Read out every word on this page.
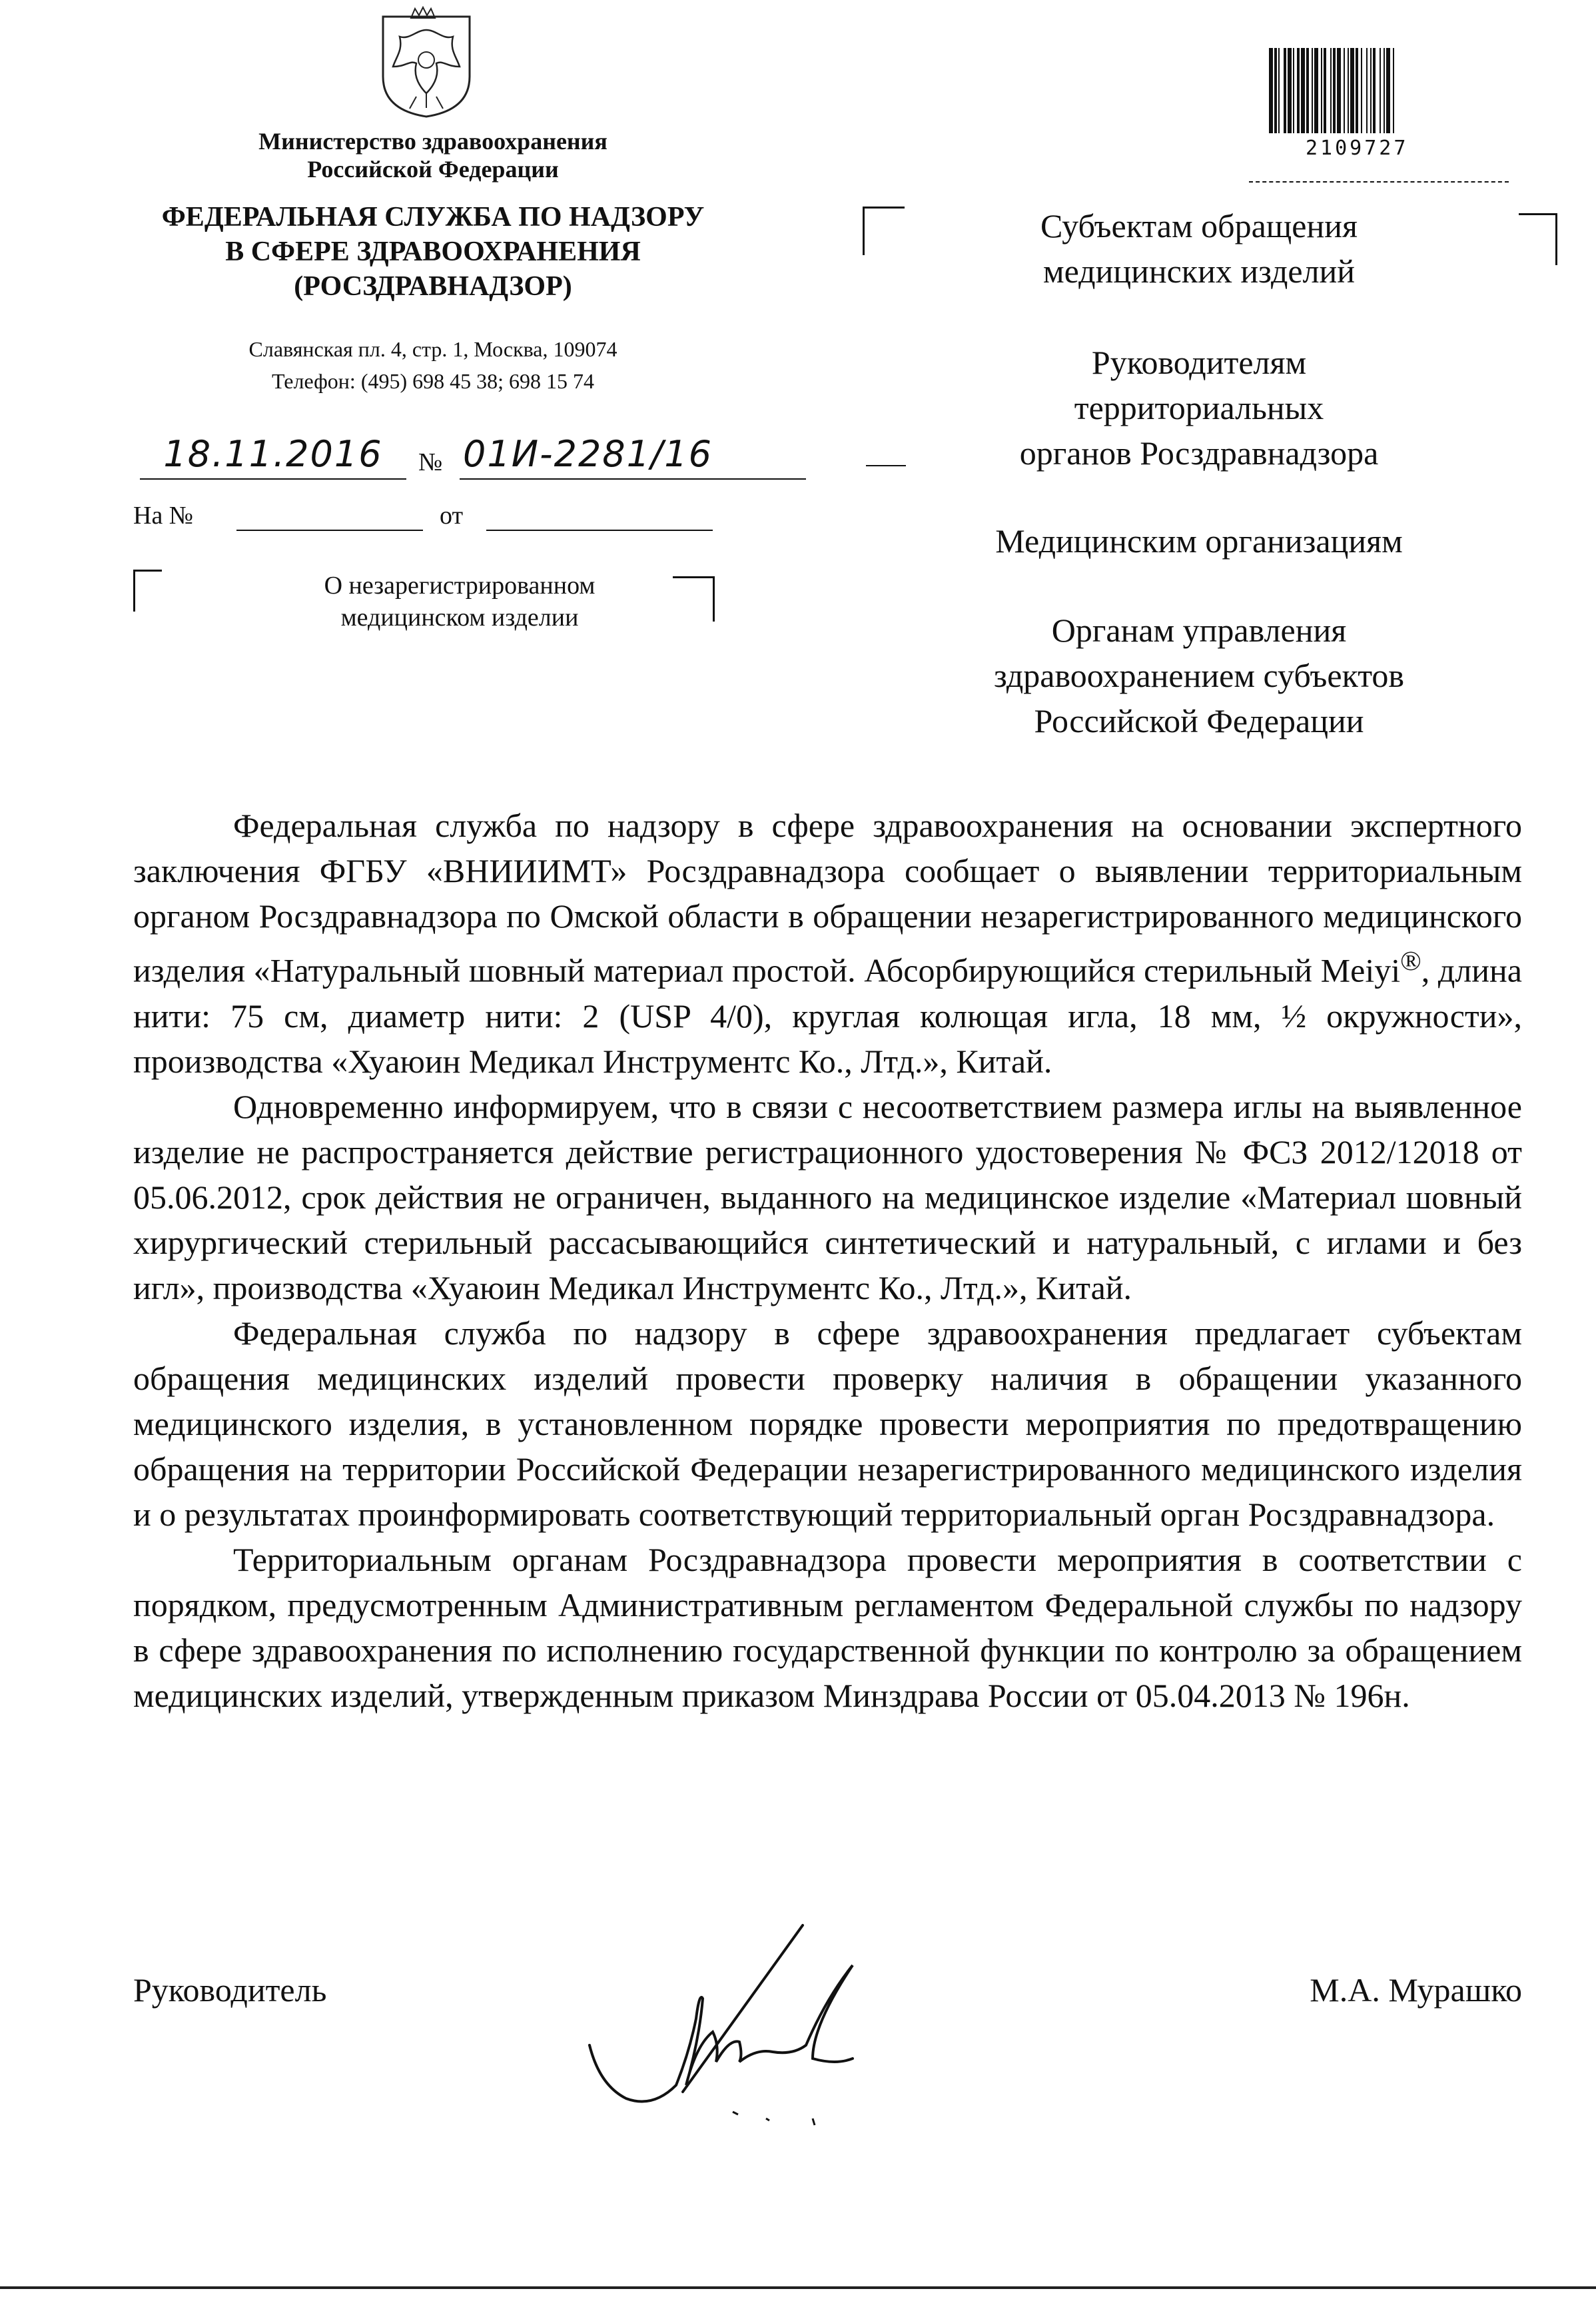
Министерство здравоохранения
Российской Федерации
ФЕДЕРАЛЬНАЯ СЛУЖБА ПО НАДЗОРУ
В СФЕРЕ ЗДРАВООХРАНЕНИЯ
(РОСЗДРАВНАДЗОР)
Славянская пл. 4, стр. 1, Москва, 109074
Телефон: (495) 698 45 38; 698 15 74
18.11.2016	№ 01И-2281/16
На №	от
О незарегистрированном
медицинском изделии
2109727
Субъектам обращения
медицинских изделий
Руководителям
территориальных
органов Росздравнадзора
Медицинским организациям
Органам управления
здравоохранением субъектов
Российской Федерации

Федеральная служба по надзору в сфере здравоохранения на основании экспертного заключения ФГБУ «ВНИИИМТ» Росздравнадзора сообщает о выявлении территориальным органом Росздравнадзора по Омской области в обращении незарегистрированного медицинского изделия «Натуральный шовный материал простой. Абсорбирующийся стерильный Meiyi®, длина нити: 75 см, диаметр нити: 2 (USP 4/0), круглая колющая игла, 18 мм, ½ окружности», производства «Хуаюин Медикал Инструментс Ко., Лтд.», Китай.

Одновременно информируем, что в связи с несоответствием размера иглы на выявленное изделие не распространяется действие регистрационного удостоверения № ФСЗ 2012/12018 от 05.06.2012, срок действия не ограничен, выданного на медицинское изделие «Материал шовный хирургический стерильный рассасывающийся синтетический и натуральный, с иглами и без игл», производства «Хуаюин Медикал Инструментс Ко., Лтд.», Китай.

Федеральная служба по надзору в сфере здравоохранения предлагает субъектам обращения медицинских изделий провести проверку наличия в обращении указанного медицинского изделия, в установленном порядке провести мероприятия по предотвращению обращения на территории Российской Федерации незарегистрированного медицинского изделия и о результатах проинформировать соответствующий территориальный орган Росздравнадзора.

Территориальным органам Росздравнадзора провести мероприятия в соответствии с порядком, предусмотренным Административным регламентом Федеральной службы по надзору в сфере здравоохранения по исполнению государственной функции по контролю за обращением медицинских изделий, утвержденным приказом Минздрава России от 05.04.2013 № 196н.

Руководитель	М.А. Мурашко
